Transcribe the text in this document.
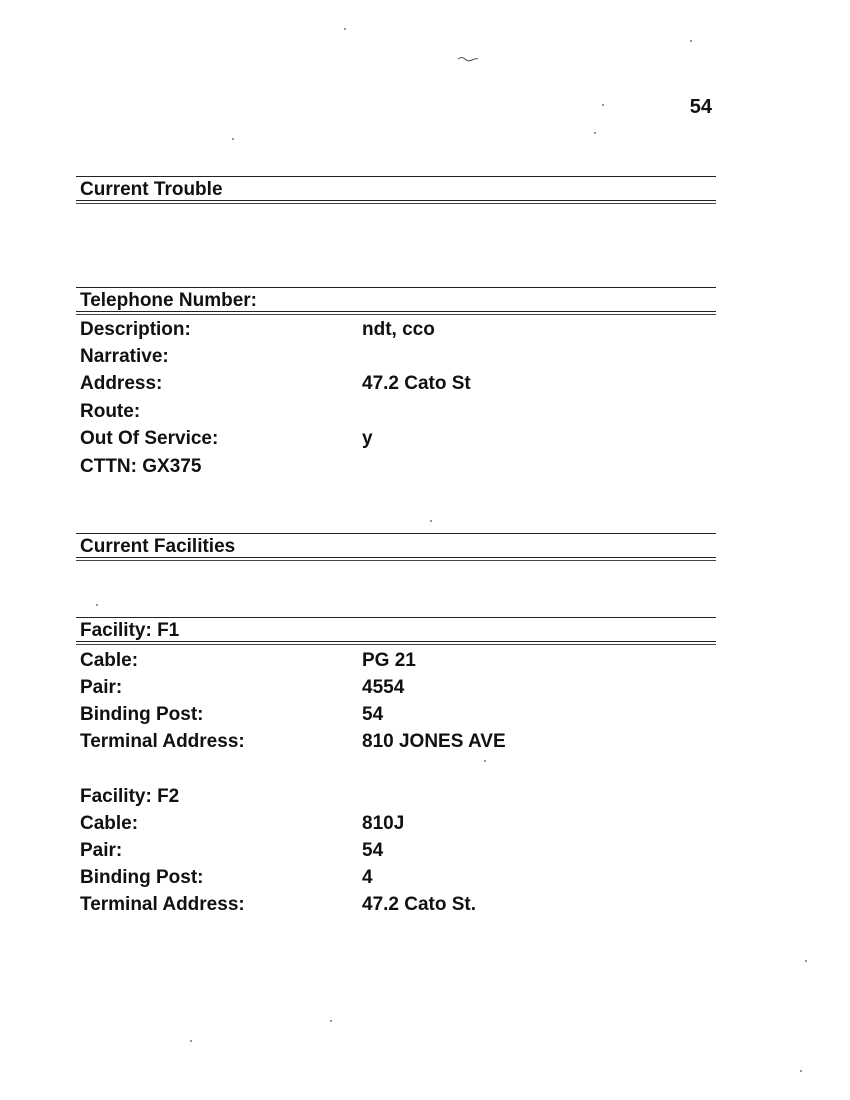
54
Current Trouble
Telephone Number:
Description:	ndt, cco
Narrative:
Address:	47.2 Cato St
Route:
Out Of Service:	y
CTTN: GX375
Current Facilities
Facility: F1
Cable:	PG 21
Pair:	4554
Binding Post:	54
Terminal Address:	810 JONES AVE
Facility: F2
Cable:	810J
Pair:	54
Binding Post:	4
Terminal Address:	47.2 Cato St.
